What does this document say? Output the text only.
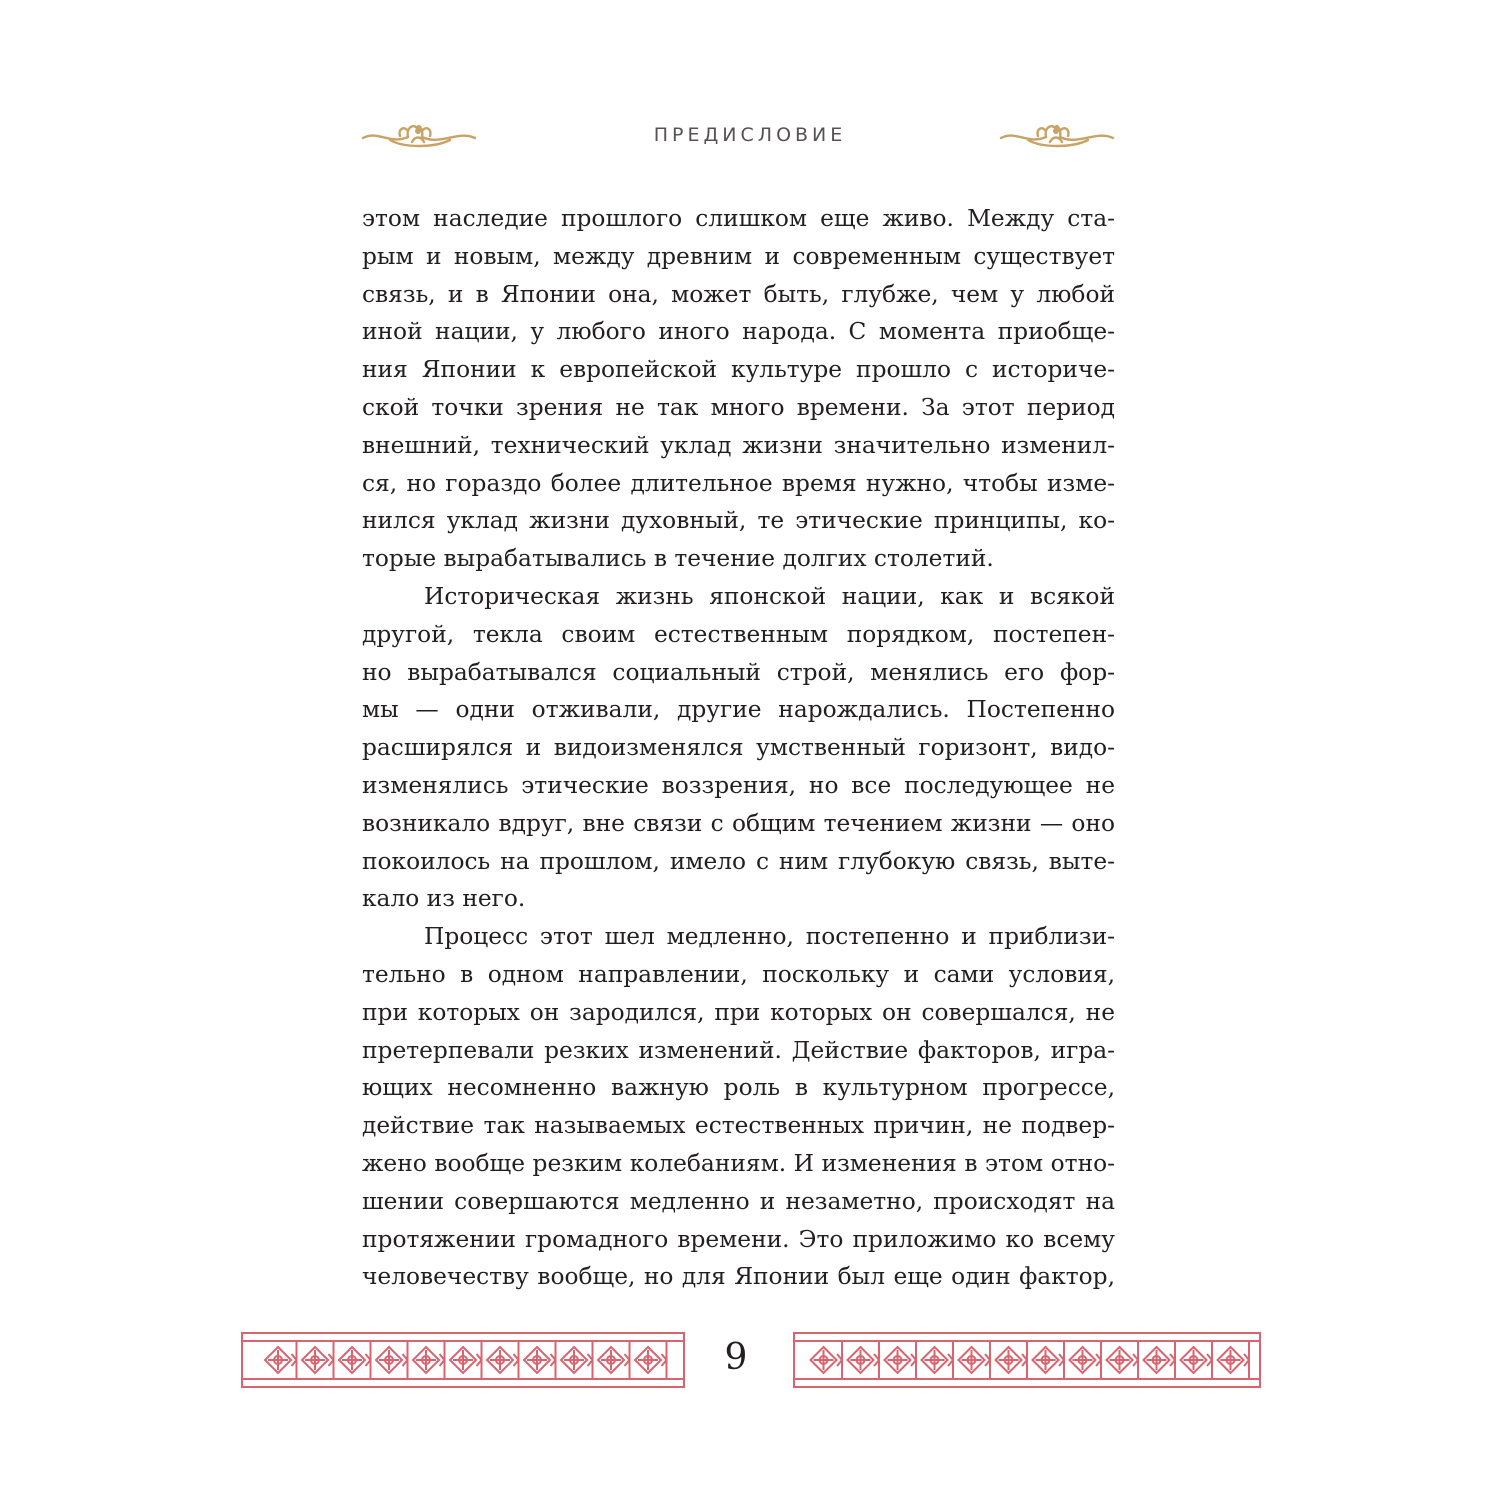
ПРЕДИСЛОВИЕ
этом наследие прошлого слишком еще живо. Между ста-
рым и новым, между древним и современным существует
связь, и в Японии она, может быть, глубже, чем у любой
иной нации, у любого иного народа. С момента приобще-
ния Японии к европейской культуре прошло с историче-
ской точки зрения не так много времени. За этот период
внешний, технический уклад жизни значительно изменил-
ся, но гораздо более длительное время нужно, чтобы изме-
нился уклад жизни духовный, те этические принципы, ко-
торые вырабатывались в течение долгих столетий.
Историческая жизнь японской нации, как и всякой
другой, текла своим естественным порядком, постепен-
но вырабатывался социальный строй, менялись его фор-
мы — одни отживали, другие нарождались. Постепенно
расширялся и видоизменялся умственный горизонт, видо-
изменялись этические воззрения, но все последующее не
возникало вдруг, вне связи с общим течением жизни — оно
покоилось на прошлом, имело с ним глубокую связь, выте-
кало из него.
Процесс этот шел медленно, постепенно и приблизи-
тельно в одном направлении, поскольку и сами условия,
при которых он зародился, при которых он совершался, не
претерпевали резких изменений. Действие факторов, игра-
ющих несомненно важную роль в культурном прогрессе,
действие так называемых естественных причин, не подвер-
жено вообще резким колебаниям. И изменения в этом отно-
шении совершаются медленно и незаметно, происходят на
протяжении громадного времени. Это приложимо ко всему
человечеству вообще, но для Японии был еще один фактор,
9
